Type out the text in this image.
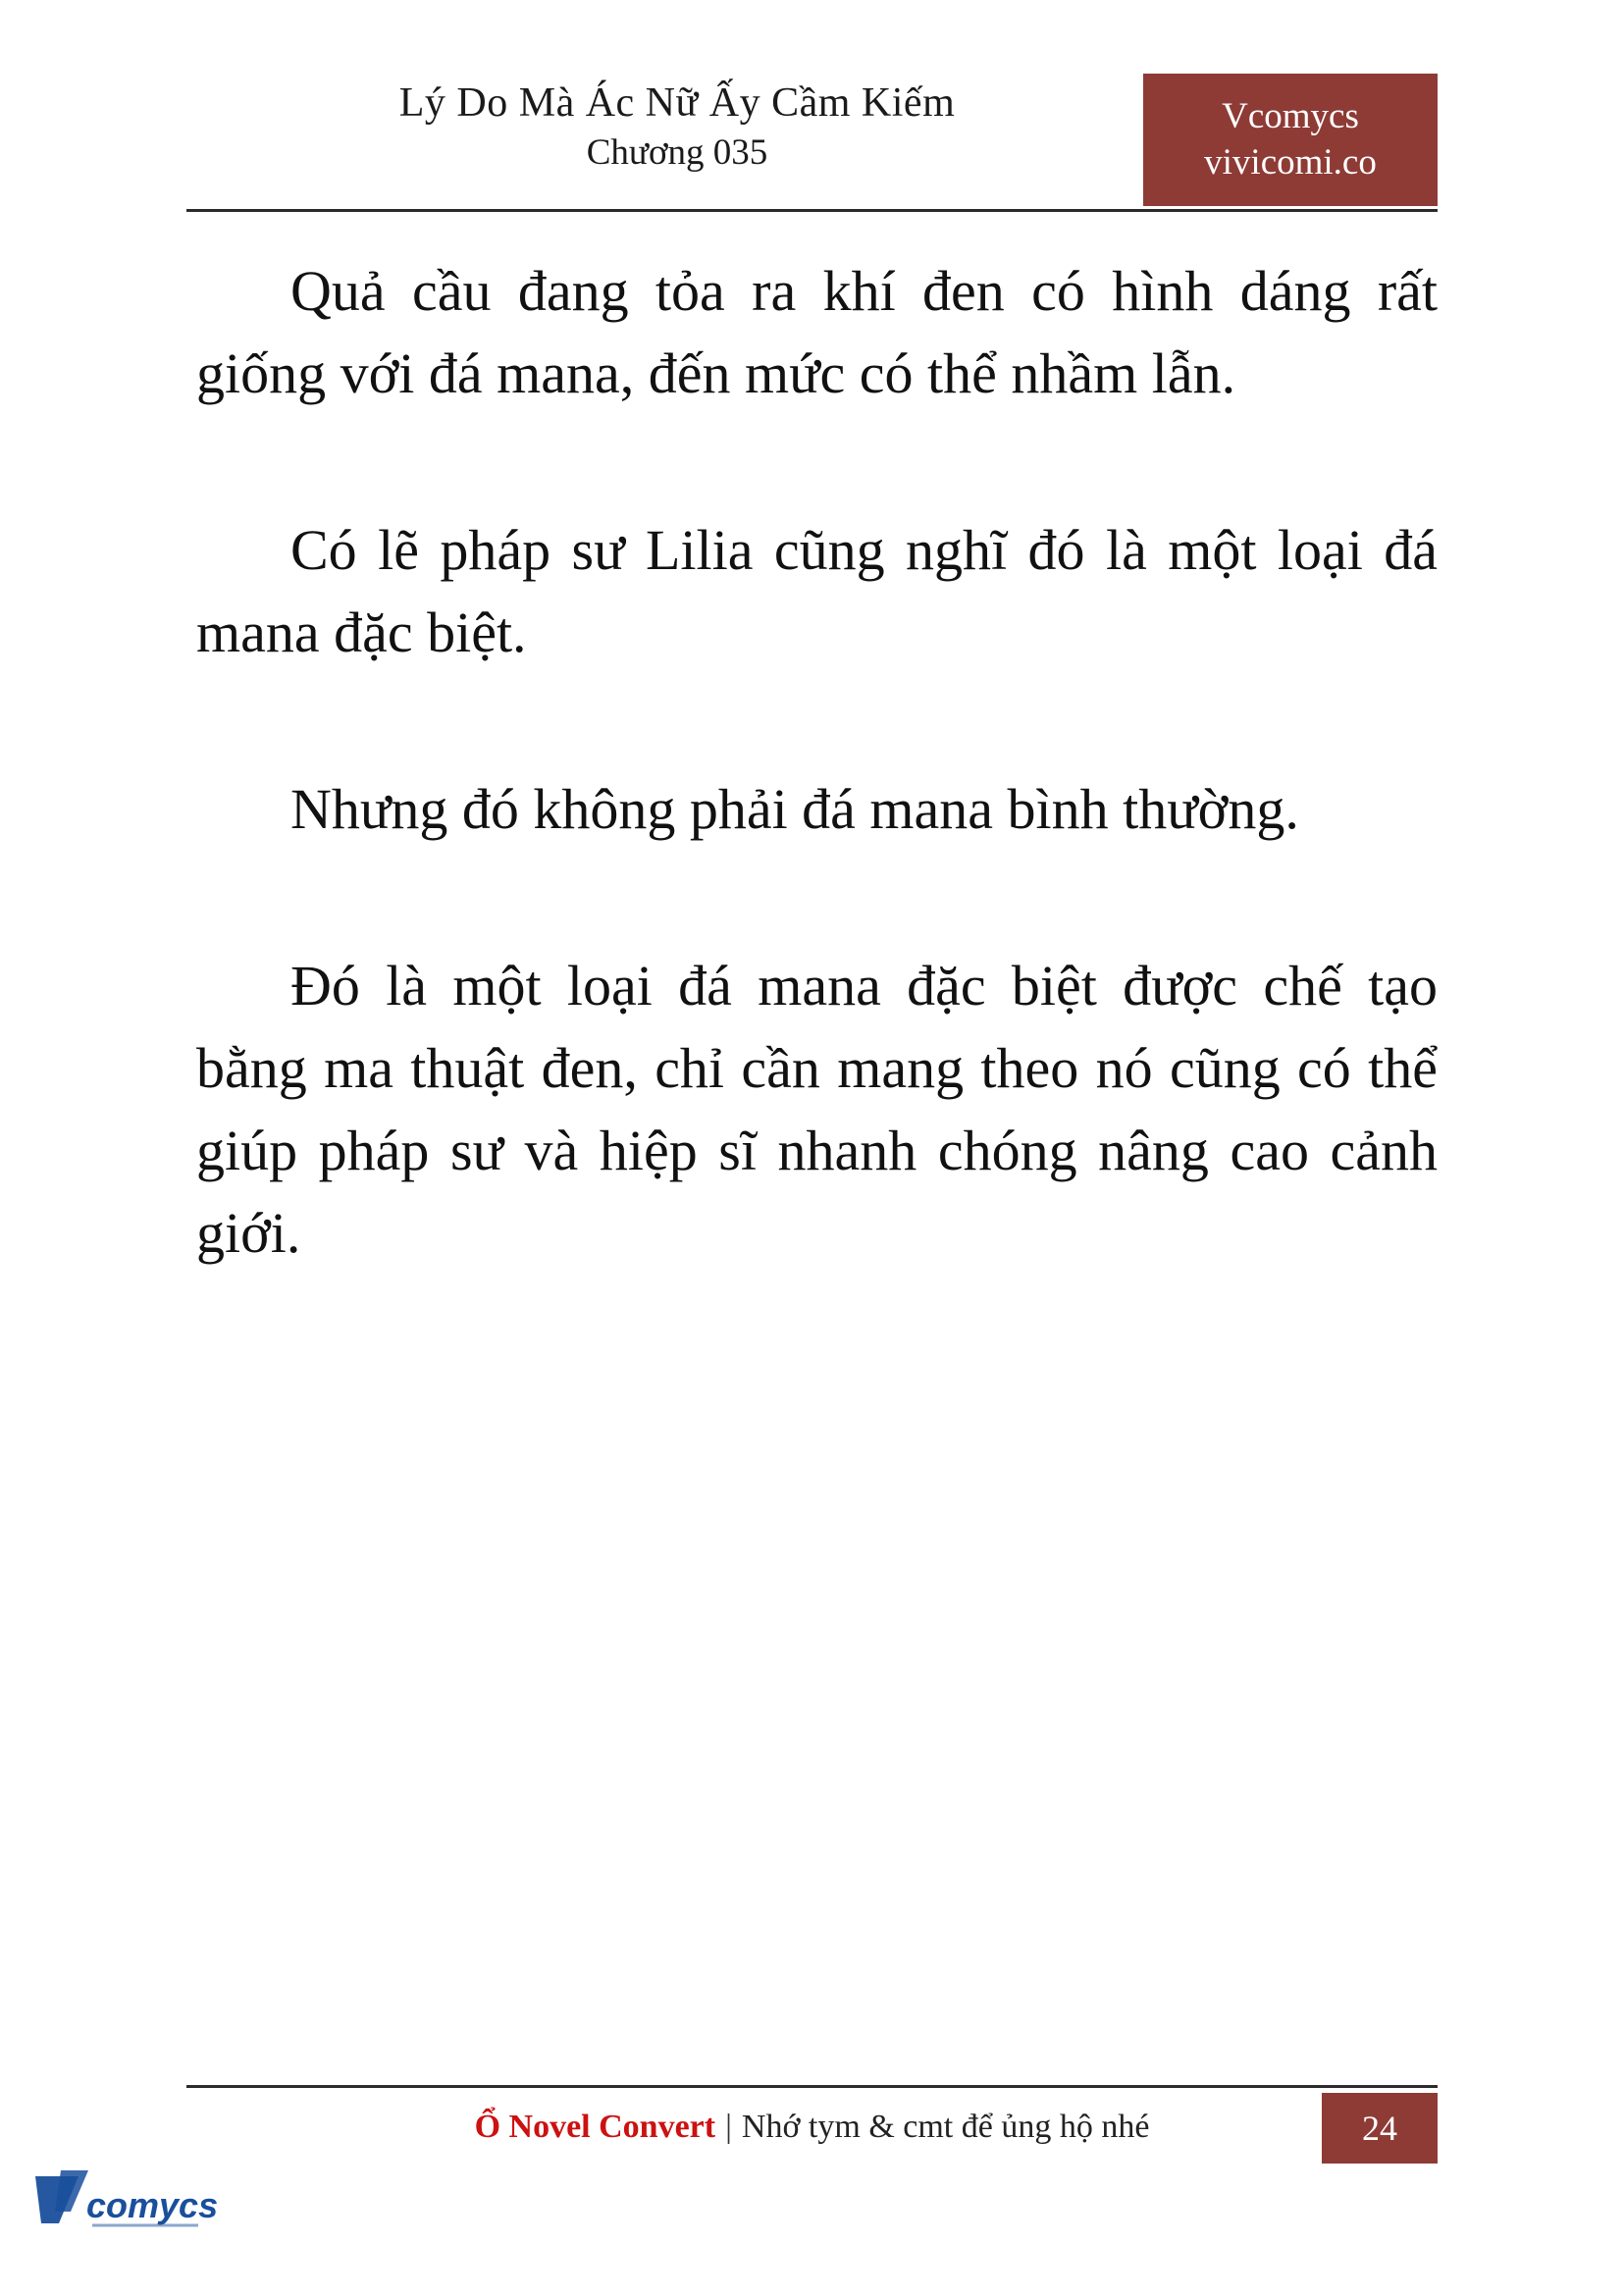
Lý Do Mà Ác Nữ Ấy Cầm Kiếm
Chương 035
Vcomycs
vivicomi.co

Quả cầu đang tỏa ra khí đen có hình dáng rất giống với đá mana, đến mức có thể nhầm lẫn.

Có lẽ pháp sư Lilia cũng nghĩ đó là một loại đá mana đặc biệt.

Nhưng đó không phải đá mana bình thường.

Đó là một loại đá mana đặc biệt được chế tạo bằng ma thuật đen, chỉ cần mang theo nó cũng có thể giúp pháp sư và hiệp sĩ nhanh chóng nâng cao cảnh giới.

Ổ Novel Convert | Nhớ tym & cmt để ủng hộ nhé	24
comycs
